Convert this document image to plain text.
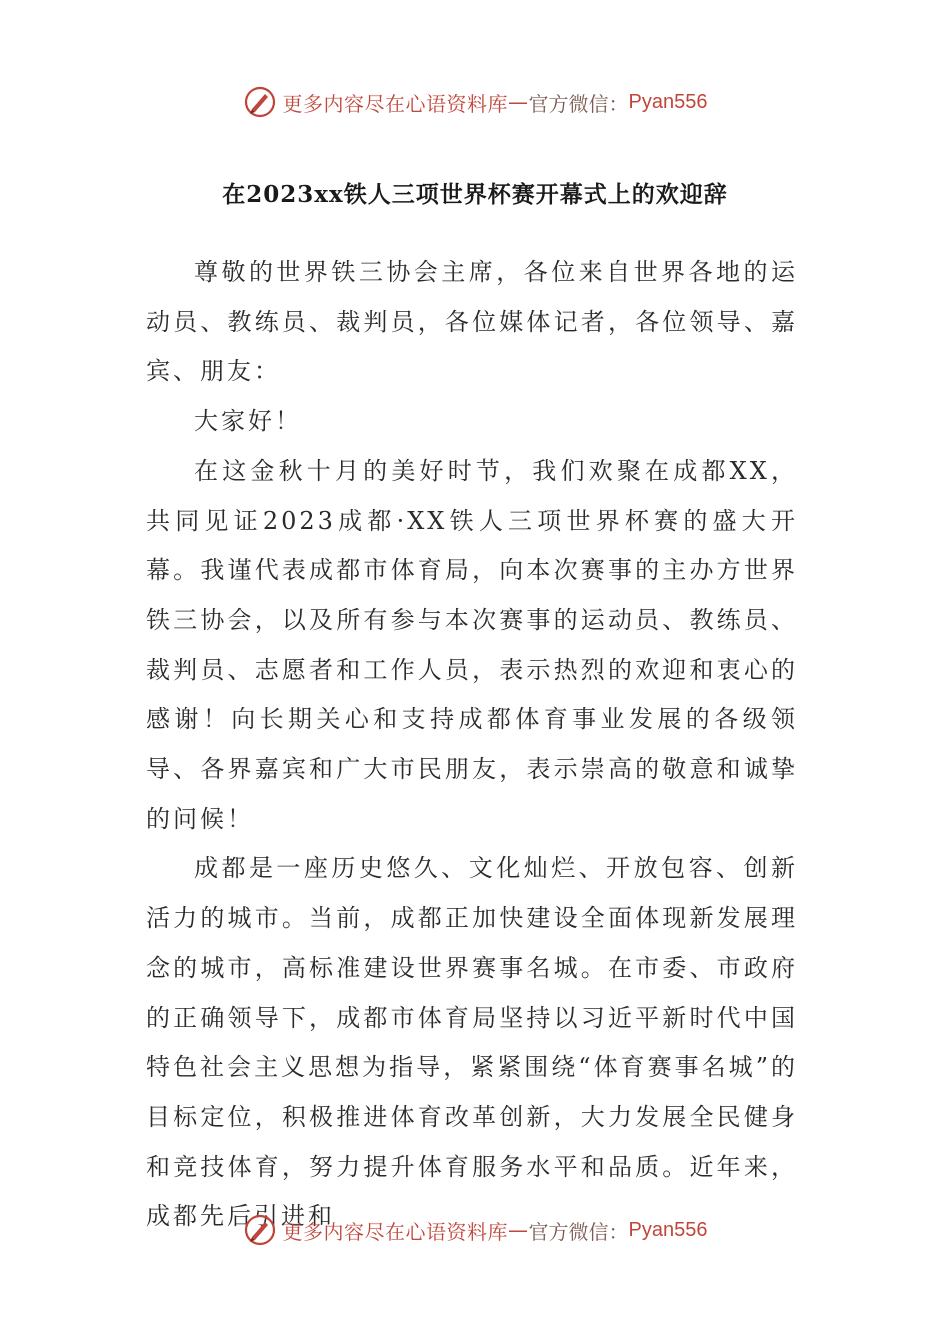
更多内容尽在心语资料库 — 官方微信： Pyan556
在2023xx铁人三项世界杯赛开幕式上的欢迎辞

尊敬的世界铁三协会主席，各位来自世界各地的运动员、教练员、裁判员，各位媒体记者，各位领导、嘉宾、朋友：

大家好！

在这金秋十月的美好时节，我们欢聚在成都XX，共同见证2023成都·XX铁人三项世界杯赛的盛大开幕。我谨代表成都市体育局，向本次赛事的主办方世界铁三协会，以及所有参与本次赛事的运动员、教练员、裁判员、志愿者和工作人员，表示热烈的欢迎和衷心的感谢！向长期关心和支持成都体育事业发展的各级领导、各界嘉宾和广大市民朋友，表示崇高的敬意和诚挚的问候！

成都是一座历史悠久、文化灿烂、开放包容、创新活力的城市。当前，成都正加快建设全面体现新发展理念的城市，高标准建设世界赛事名城。在市委、市政府的正确领导下，成都市体育局坚持以习近平新时代中国特色社会主义思想为指导，紧紧围绕“体育赛事名城”的目标定位，积极推进体育改革创新，大力发展全民健身和竞技体育，努力提升体育服务水平和品质。近年来，成都先后引进和

更多内容尽在心语资料库 — 官方微信： Pyan556
